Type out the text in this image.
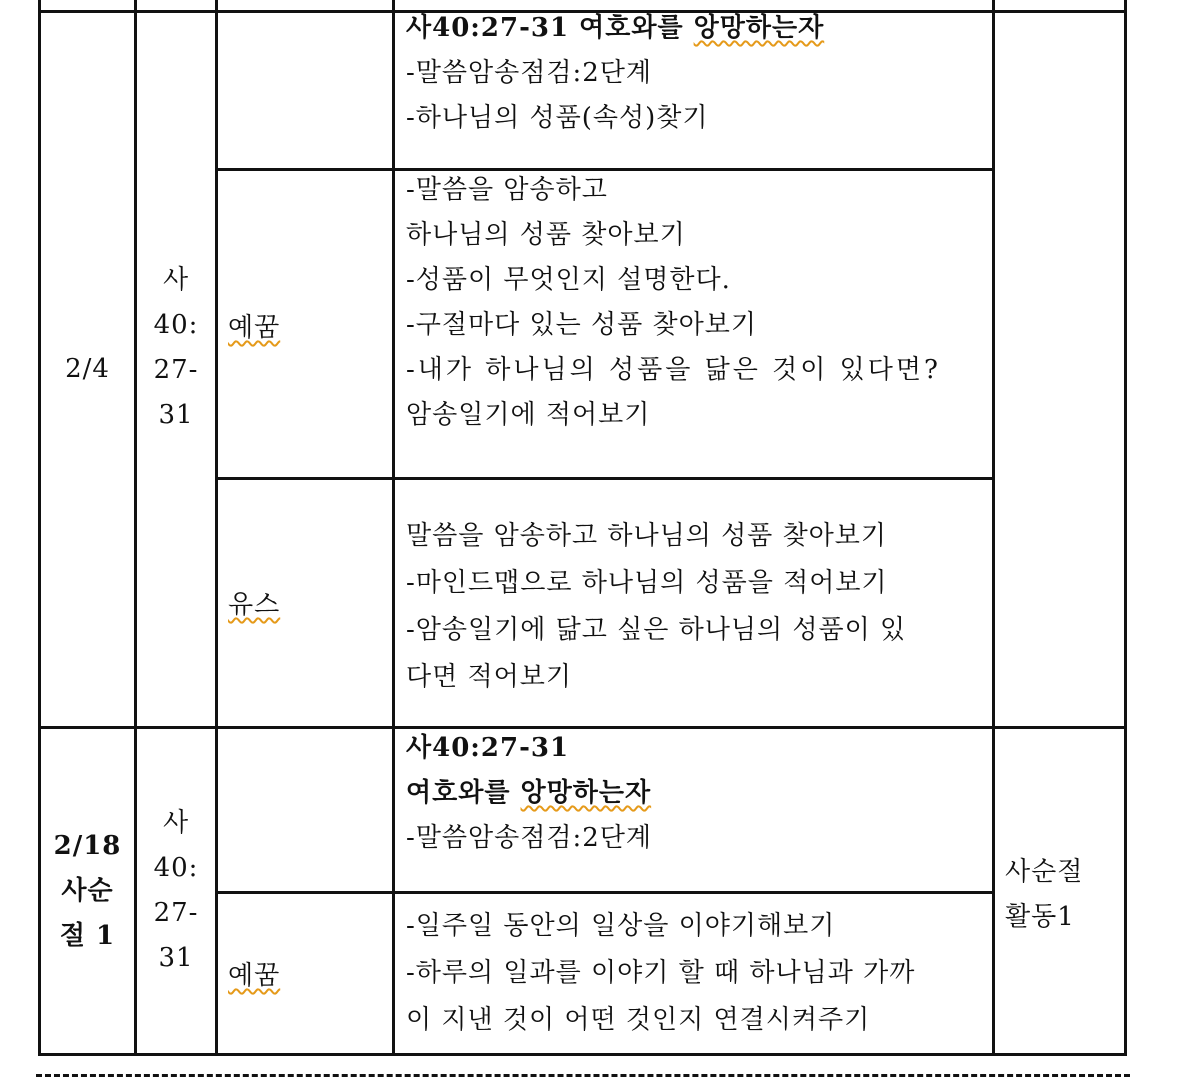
2/4
사
40:
27-
31
사40:27-31 여호와를 앙망하는자
-말씀암송점검:2단계
-하나님의 성품(속성)찾기
예꿈
-말씀을 암송하고
하나님의 성품 찾아보기
-성품이 무엇인지 설명한다.
-구절마다 있는 성품 찾아보기
-내가 하나님의 성품을 닮은 것이 있다면?
암송일기에 적어보기
유스
말씀을 암송하고 하나님의 성품 찾아보기
-마인드맵으로 하나님의 성품을 적어보기
-암송일기에 닮고 싶은 하나님의 성품이 있
다면 적어보기
2/18
사순
절 1
사
40:
27-
31
사40:27-31
여호와를 앙망하는자
-말씀암송점검:2단계
예꿈
-일주일 동안의 일상을 이야기해보기
-하루의 일과를 이야기 할 때 하나님과 가까
이 지낸 것이 어떤 것인지 연결시켜주기
사순절
활동1
